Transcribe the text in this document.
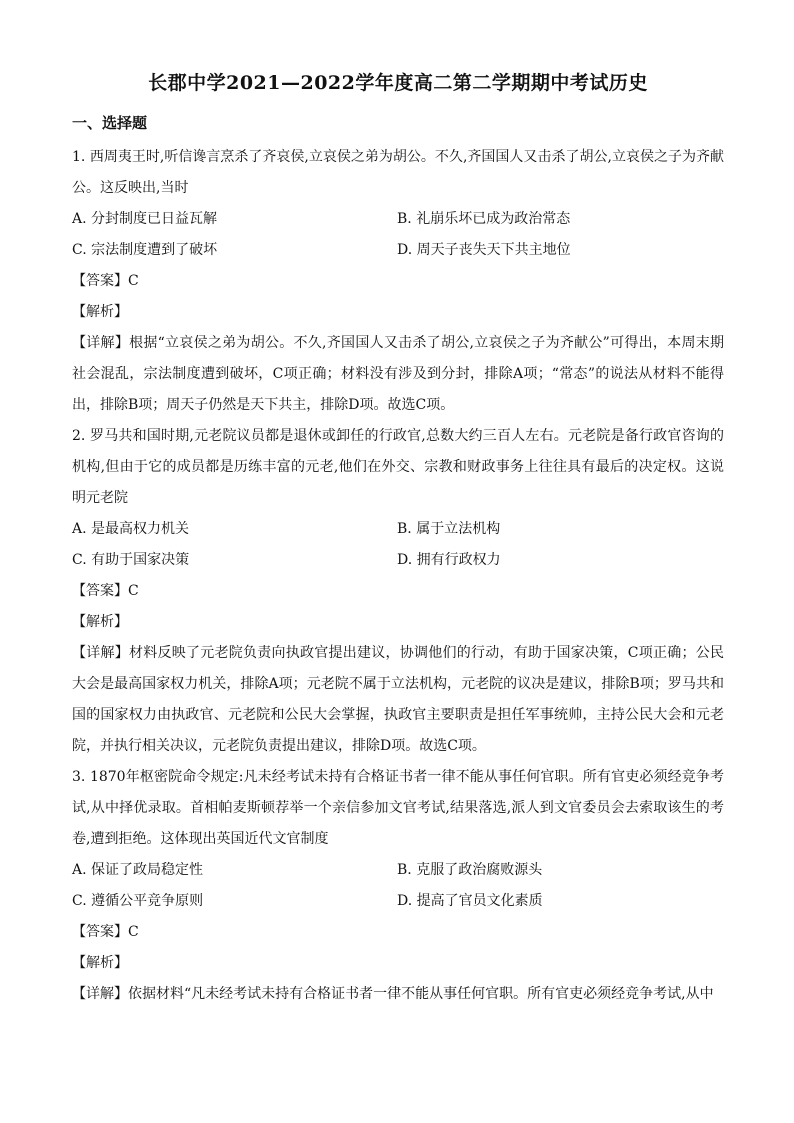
长郡中学2021—2022学年度高二第二学期期中考试历史
一、选择题

1. 西周夷王时,听信谗言烹杀了齐哀侯,立哀侯之弟为胡公。不久,齐国国人又击杀了胡公,立哀侯之子为齐献公。这反映出,当时

A. 分封制度已日益瓦解	B. 礼崩乐坏已成为政治常态
C. 宗法制度遭到了破坏	D. 周天子丧失天下共主地位

【答案】C

【解析】

【详解】根据“立哀侯之弟为胡公。不久,齐国国人又击杀了胡公,立哀侯之子为齐献公”可得出，本周末期社会混乱，宗法制度遭到破坏，C项正确；材料没有涉及到分封，排除A项；“常态”的说法从材料不能得出，排除B项；周天子仍然是天下共主，排除D项。故选C项。

2. 罗马共和国时期,元老院议员都是退休或卸任的行政官,总数大约三百人左右。元老院是备行政官咨询的机构,但由于它的成员都是历练丰富的元老,他们在外交、宗教和财政事务上往往具有最后的决定权。这说明元老院

A. 是最高权力机关	B. 属于立法机构
C. 有助于国家决策	D. 拥有行政权力

【答案】C

【解析】

【详解】材料反映了元老院负责向执政官提出建议，协调他们的行动，有助于国家决策，C项正确；公民大会是最高国家权力机关，排除A项；元老院不属于立法机构，元老院的议决是建议，排除B项；罗马共和国的国家权力由执政官、元老院和公民大会掌握，执政官主要职责是担任军事统帅，主持公民大会和元老院，并执行相关决议，元老院负责提出建议，排除D项。故选C项。

3. 1870年枢密院命令规定:凡未经考试未持有合格证书者一律不能从事任何官职。所有官吏必须经竞争考试,从中择优录取。首相帕麦斯顿荐举一个亲信参加文官考试,结果落选,派人到文官委员会去索取该生的考卷,遭到拒绝。这体现出英国近代文官制度

A. 保证了政局稳定性	B. 克服了政治腐败源头
C. 遵循公平竞争原则	D. 提高了官员文化素质

【答案】C

【解析】

【详解】依据材料“凡未经考试未持有合格证书者一律不能从事任何官职。所有官吏必须经竞争考试,从中
